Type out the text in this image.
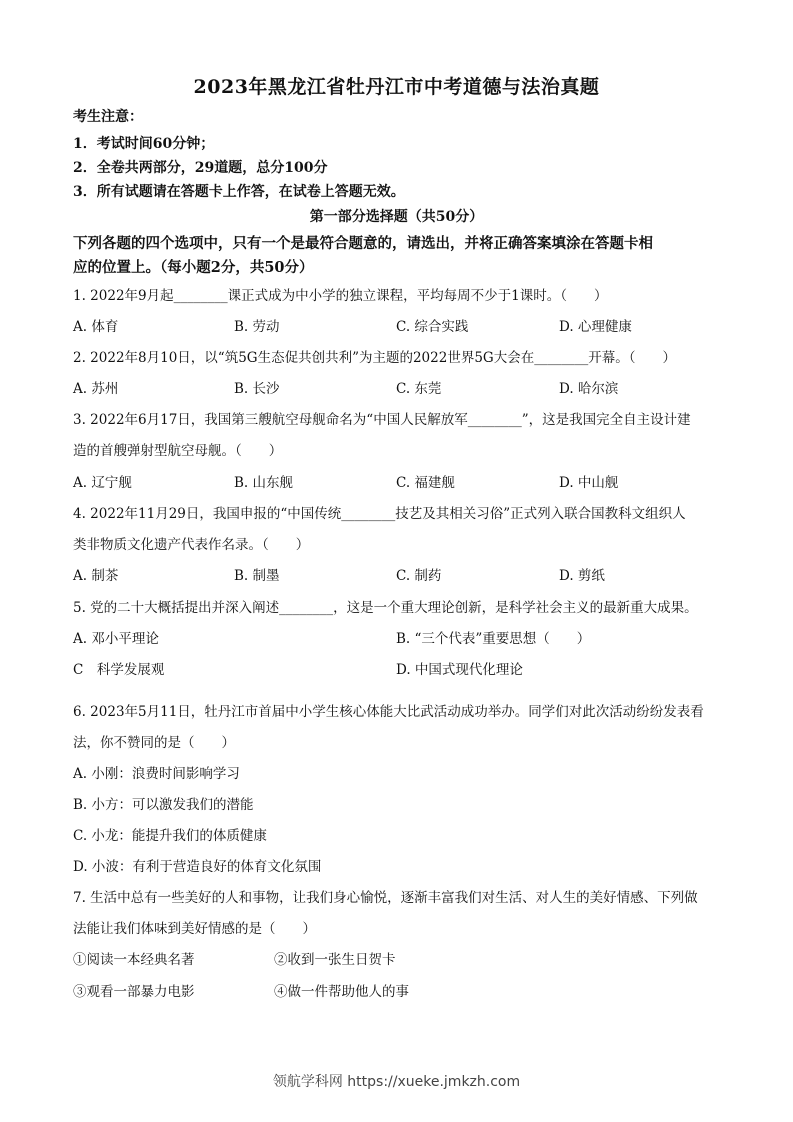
2023年黑龙江省牡丹江市中考道德与法治真题
考生注意：
1．考试时间60分钟；
2．全卷共两部分，29道题，总分100分
3．所有试题请在答题卡上作答，在试卷上答题无效。
第一部分选择题（共50分）
下列各题的四个选项中，只有一个是最符合题意的，请选出，并将正确答案填涂在答题卡相
应的位置上。（每小题2分，共50分）
1. 2022年9月起________课正式成为中小学的独立课程，平均每周不少于1课时。（　　）
A. 体育	B. 劳动	C. 综合实践	D. 心理健康
2. 2022年8月10日，以“筑5G生态促共创共利”为主题的2022世界5G大会在________开幕。（　　）
A. 苏州	B. 长沙	C. 东莞	D. 哈尔滨
3. 2022年6月17日，我国第三艘航空母舰命名为“中国人民解放军________”，这是我国完全自主设计建
造的首艘弹射型航空母舰。（　　）
A. 辽宁舰	B. 山东舰	C. 福建舰	D. 中山舰
4. 2022年11月29日，我国申报的“中国传统________技艺及其相关习俗”正式列入联合国教科文组织人
类非物质文化遗产代表作名录。（　　）
A. 制茶	B. 制墨	C. 制药	D. 剪纸
5. 党的二十大概括提出并深入阐述________，这是一个重大理论创新，是科学社会主义的最新重大成果。
A. 邓小平理论	B. “三个代表”重要思想（　　）
C　科学发展观	D. 中国式现代化理论
6. 2023年5月11日，牡丹江市首届中小学生核心体能大比武活动成功举办。同学们对此次活动纷纷发表看
法，你不赞同的是（　　）
A. 小刚：浪费时间影响学习
B. 小方：可以激发我们的潜能
C. 小龙：能提升我们的体质健康
D. 小波：有利于营造良好的体育文化氛围
7. 生活中总有一些美好的人和事物，让我们身心愉悦，逐渐丰富我们对生活、对人生的美好情感、下列做
法能让我们体味到美好情感的是（　　）
①阅读一本经典名著	②收到一张生日贺卡
③观看一部暴力电影	④做一件帮助他人的事
领航学科网 https://xueke.jmkzh.com
